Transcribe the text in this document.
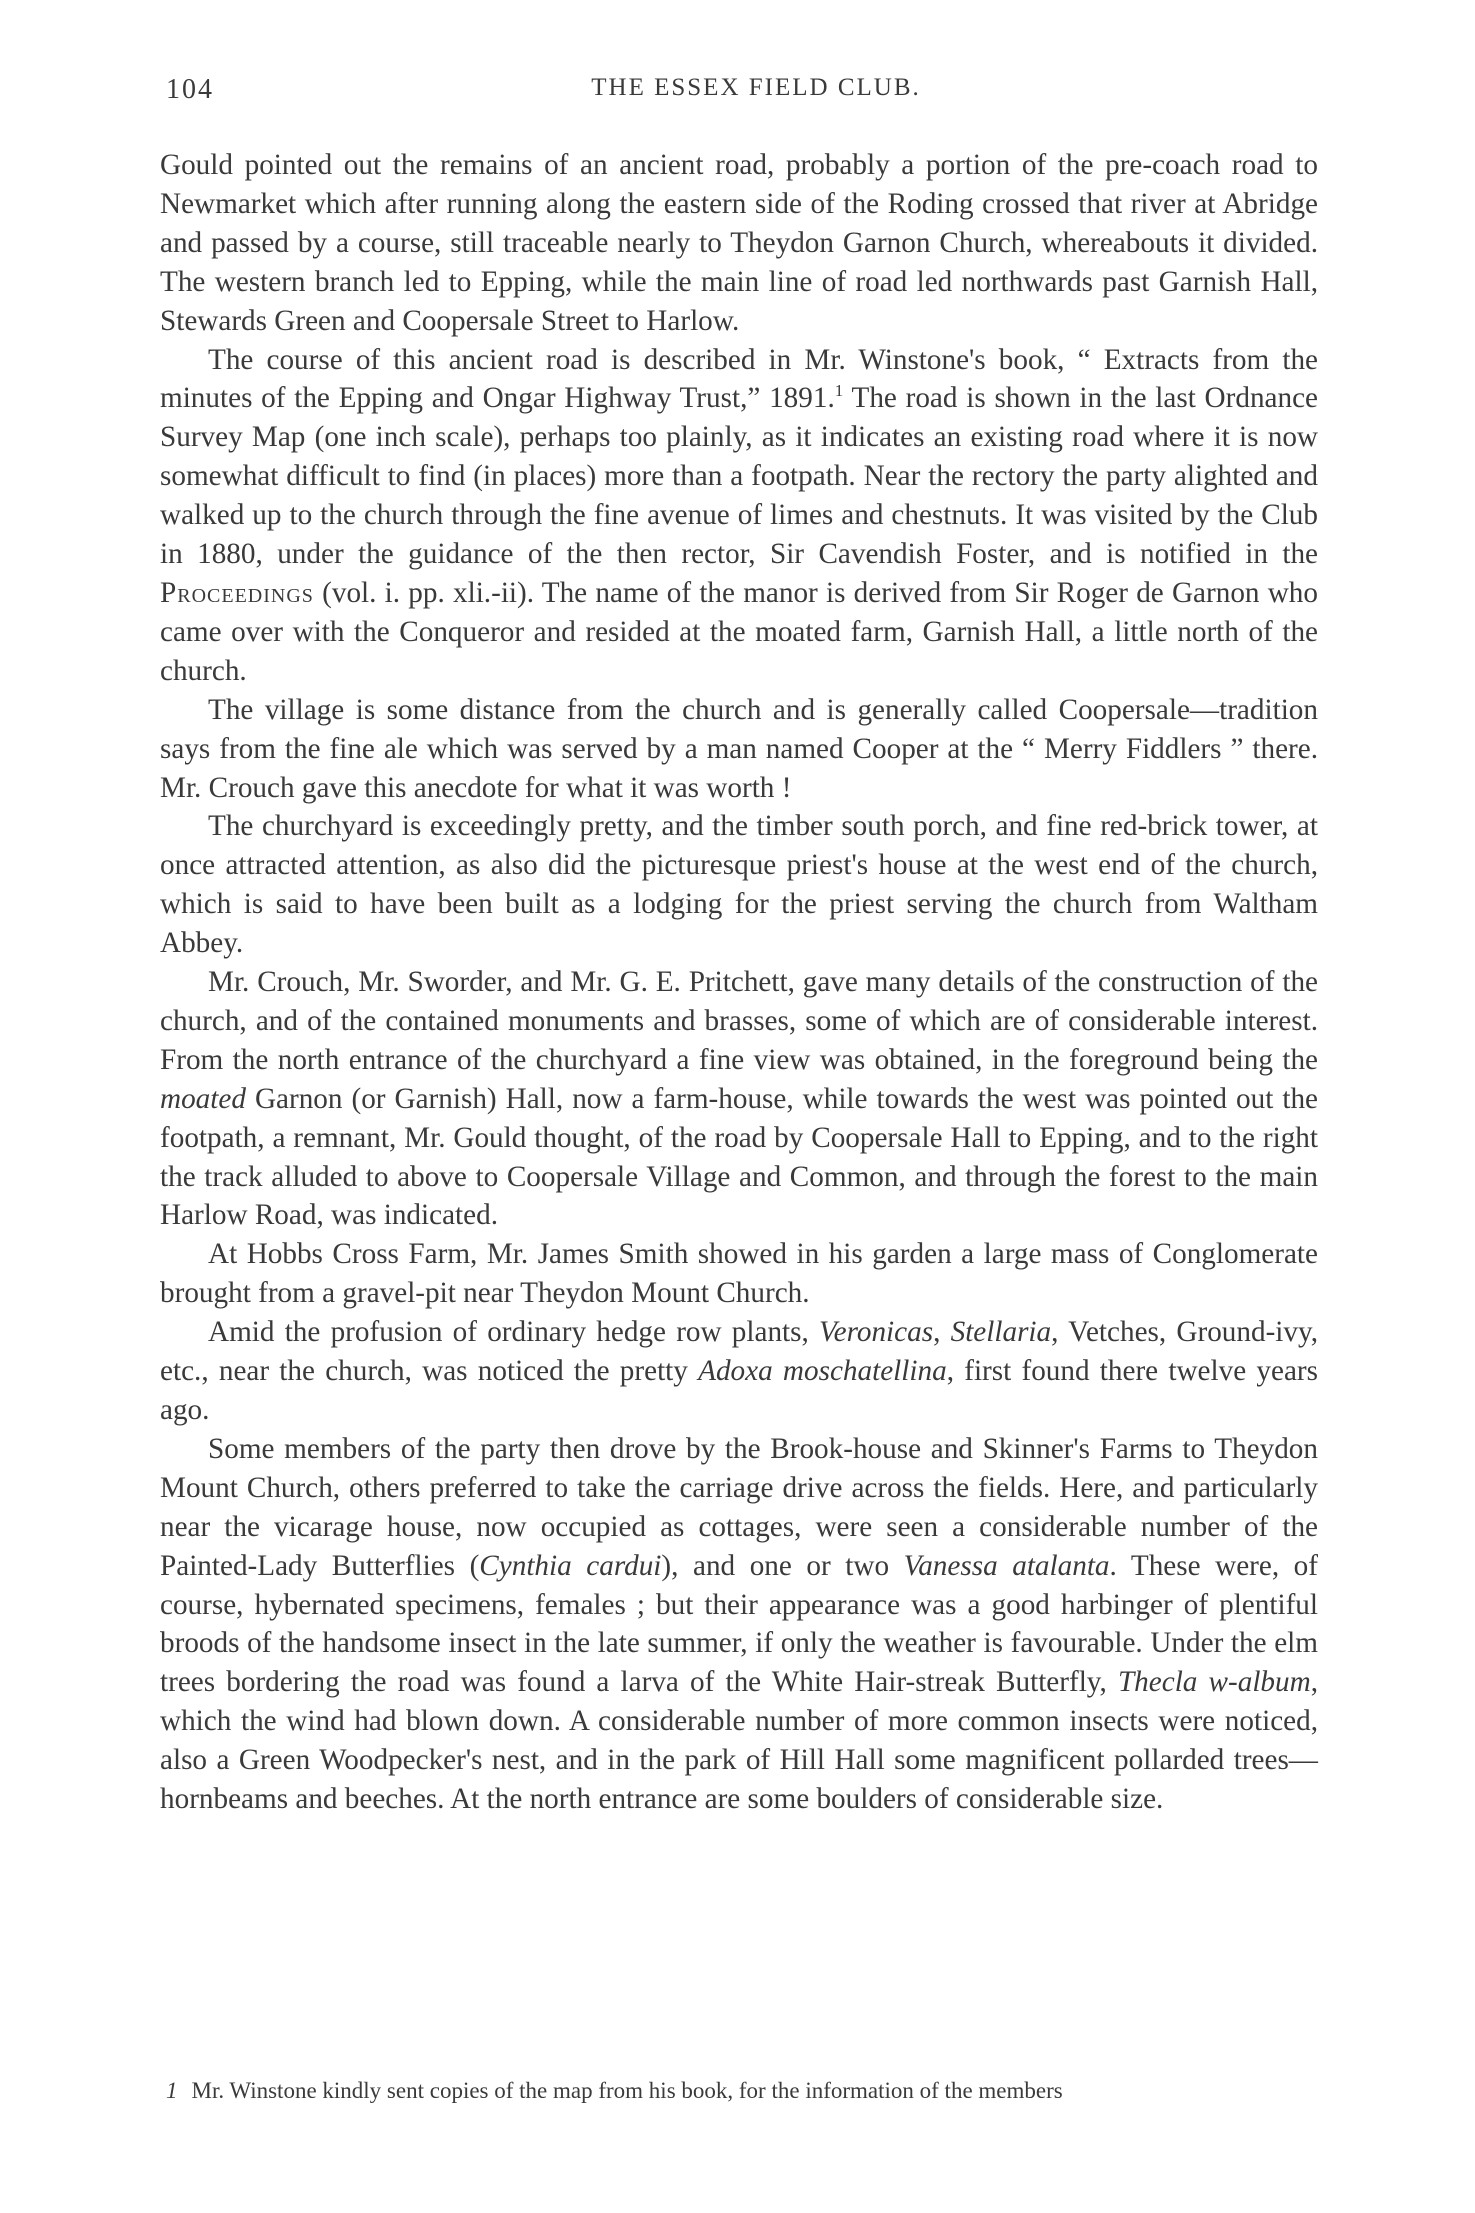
104	THE ESSEX FIELD CLUB.

Gould pointed out the remains of an ancient road, probably a portion of the pre-coach road to Newmarket which after running along the eastern side of the Roding crossed that river at Abridge and passed by a course, still traceable nearly to Theydon Garnon Church, whereabouts it divided. The western branch led to Epping, while the main line of road led northwards past Garnish Hall, Stewards Green and Coopersale Street to Harlow.

The course of this ancient road is described in Mr. Winstone's book, “ Extracts from the minutes of the Epping and Ongar Highway Trust,” 1891.$^1$ The road is shown in the last Ordnance Survey Map (one inch scale), perhaps too plainly, as it indicates an existing road where it is now somewhat difficult to find (in places) more than a footpath. Near the rectory the party alighted and walked up to the church through the fine avenue of limes and chestnuts. It was visited by the Club in 1880, under the guidance of the then rector, Sir Cavendish Foster, and is notified in the Proceedings (vol. i. pp. xli.-ii). The name of the manor is derived from Sir Roger de Garnon who came over with the Conqueror and resided at the moated farm, Garnish Hall, a little north of the church.

The village is some distance from the church and is generally called Coopersale—tradition says from the fine ale which was served by a man named Cooper at the “ Merry Fiddlers ” there. Mr. Crouch gave this anecdote for what it was worth !

The churchyard is exceedingly pretty, and the timber south porch, and fine red-brick tower, at once attracted attention, as also did the picturesque priest's house at the west end of the church, which is said to have been built as a lodging for the priest serving the church from Waltham Abbey.

Mr. Crouch, Mr. Sworder, and Mr. G. E. Pritchett, gave many details of the construction of the church, and of the contained monuments and brasses, some of which are of considerable interest. From the north entrance of the churchyard a fine view was obtained, in the foreground being the moated Garnon (or Garnish) Hall, now a farm-house, while towards the west was pointed out the footpath, a remnant, Mr. Gould thought, of the road by Coopersale Hall to Epping, and to the right the track alluded to above to Coopersale Village and Common, and through the forest to the main Harlow Road, was indicated.

At Hobbs Cross Farm, Mr. James Smith showed in his garden a large mass of Conglomerate brought from a gravel-pit near Theydon Mount Church.

Amid the profusion of ordinary hedge row plants, Veronicas, Stellaria, Vetches, Ground-ivy, etc., near the church, was noticed the pretty Adoxa moschatellina, first found there twelve years ago.

Some members of the party then drove by the Brook-house and Skinner's Farms to Theydon Mount Church, others preferred to take the carriage drive across the fields. Here, and particularly near the vicarage house, now occupied as cottages, were seen a considerable number of the Painted-Lady Butterflies (Cynthia cardui), and one or two Vanessa atalanta. These were, of course, hybernated specimens, females ; but their appearance was a good harbinger of plentiful broods of the handsome insect in the late summer, if only the weather is favourable. Under the elm trees bordering the road was found a larva of the White Hair-streak Butterfly, Thecla w-album, which the wind had blown down. A considerable number of more common insects were noticed, also a Green Woodpecker's nest, and in the park of Hill Hall some magnificent pollarded trees—hornbeams and beeches. At the north entrance are some boulders of considerable size.

1 Mr. Winstone kindly sent copies of the map from his book, for the information of the members
